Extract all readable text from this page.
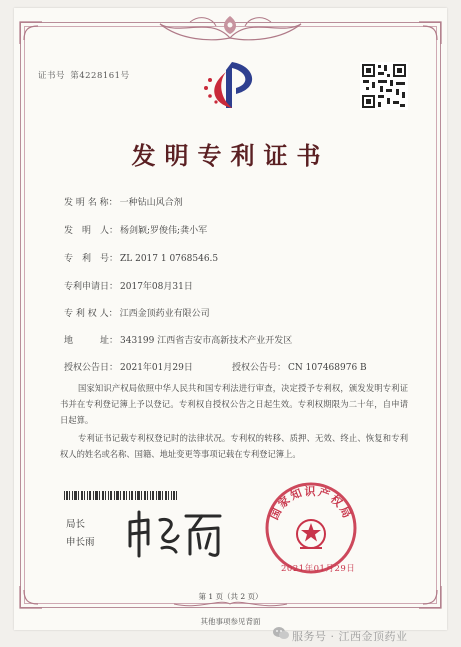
证书号 第4228161号
发明专利证书
发 明 名 称： 一种钻山风合剂
发　明　人： 杨剑颖;罗俊伟;龚小军
专　利　号： ZL 2017 1 0768546.5
专利申请日： 2017年08月31日
专 利 权 人： 江西金顶药业有限公司
地　　　址： 343199 江西省吉安市高新技术产业开发区
授权公告日： 2021年01月29日	授权公告号： CN 107468976 B
国家知识产权局依照中华人民共和国专利法进行审查，决定授予专利权，颁发发明专利证书并在专利登记簿上予以登记。专利权自授权公告之日起生效。专利权期限为二十年，自申请日起算。
专利证书记载专利权登记时的法律状况。专利权的转移、质押、无效、终止、恢复和专利权人的姓名或名称、国籍、地址变更等事项记载在专利登记簿上。
局长
申长雨
国家知识产权局
2021年01月29日
第 1 页（共 2 页）
其他事项参见背面
服务号 · 江西金顶药业
